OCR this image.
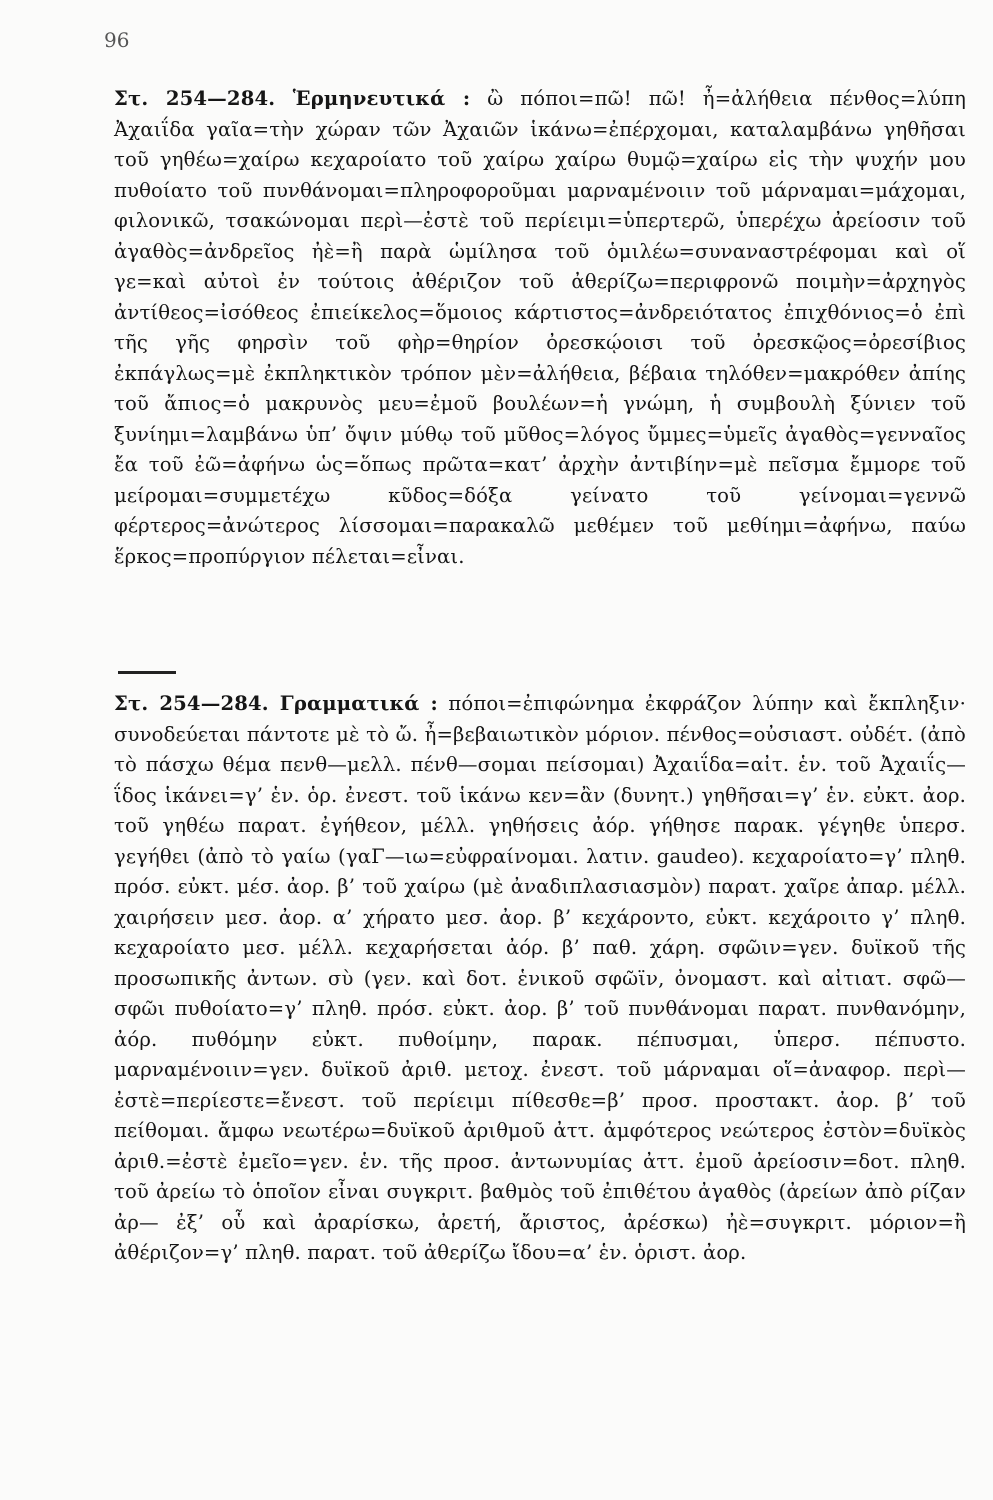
96

Στ. 254—284. Ἑρμηνευτικά : ὢ πόποι=πῶ! πῶ! ἦ=ἀλήθεια πένθος=λύπη Ἀχαιΐδα γαῖα=τὴν χώραν τῶν Ἀχαιῶν ἱκάνω=ἐπέρχομαι, καταλαμβάνω γηθῆσαι τοῦ γηθέω=χαίρω κεχαροίατο τοῦ χαίρω χαίρω θυμῷ=χαίρω εἰς τὴν ψυχήν μου πυθοίατο τοῦ πυνθάνομαι=πληροφοροῦμαι μαρναμένοιιν τοῦ μάρναμαι=μάχομαι, φιλονικῶ, τσακώνομαι περὶ—ἐστὲ τοῦ περίειμι=ὑπερτερῶ, ὑπερέχω ἀρείοσιν τοῦ ἀγαθὸς=ἀνδρεῖος ἠὲ=ἢ παρὰ ὡμίλησα τοῦ ὁμιλέω=συναναστρέφομαι καὶ οἵ γε=καὶ αὐτοὶ ἐν τούτοις ἀθέριζον τοῦ ἀθερίζω=περιφρονῶ ποιμὴν=ἀρχηγὸς ἀντίθεος=ἰσόθεος ἐπιείκελος=ὅμοιος κάρτιστος=ἀνδρειότατος ἐπιχθόνιος=ὁ ἐπὶ τῆς γῆς φηρσὶν τοῦ φὴρ=θηρίον ὀρεσκῴοισι τοῦ ὀρεσκῷος=ὀρεσίβιος ἐκπάγλως=μὲ ἐκπληκτικὸν τρόπον μὲν=ἀλήθεια, βέβαια τηλόθεν=μακρόθεν ἀπίης τοῦ ἄπιος=ὁ μακρυνὸς μευ=ἐμοῦ βουλέων=ἡ γνώμη, ἡ συμβουλὴ ξύνιεν τοῦ ξυνίημι=λαμβάνω ὑπ’ ὄψιν μύθῳ τοῦ μῦθος=λόγος ὔμμες=ὑμεῖς ἀγαθὸς=γενναῖος ἔα τοῦ ἐῶ=ἀφήνω ὡς=ὅπως πρῶτα=κατ’ ἀρχὴν ἀντιβίην=μὲ πεῖσμα ἔμμορε τοῦ μείρομαι=συμμετέχω κῦδος=δόξα γείνατο τοῦ γείνομαι=γεννῶ φέρτερος=ἀνώτερος λίσσομαι=παρακαλῶ μεθέμεν τοῦ μεθίημι=ἀφήνω, παύω ἕρκος=προπύργιον πέλεται=εἶναι.

Στ. 254—284. Γραμματικά : πόποι=ἐπιφώνημα ἐκφράζον λύπην καὶ ἔκπληξιν· συνοδεύεται πάντοτε μὲ τὸ ὤ. ἦ=βεβαιωτικὸν μόριον. πένθος=οὐσιαστ. οὐδέτ. (ἀπὸ τὸ πάσχω θέμα πενθ—μελλ. πένθ—σομαι πείσομαι) Ἀχαιΐδα=αἰτ. ἑν. τοῦ Ἀχαιΐς—ΐδος ἱκάνει=γ’ ἑν. ὁρ. ἐνεστ. τοῦ ἱκάνω κεν=ἂν (δυνητ.) γηθῆσαι=γ’ ἑν. εὐκτ. ἀορ. τοῦ γηθέω παρατ. ἐγήθεον, μέλλ. γηθήσεις ἀόρ. γήθησε παρακ. γέγηθε ὑπερσ. γεγήθει (ἀπὸ τὸ γαίω (γαΓ—ιω=εὐφραίνομαι. λατιν. gaudeo). κεχαροίατο=γ’ πληθ. πρόσ. εὐκτ. μέσ. ἀορ. β’ τοῦ χαίρω (μὲ ἀναδιπλασιασμὸν) παρατ. χαῖρε ἀπαρ. μέλλ. χαιρήσειν μεσ. ἀορ. α’ χήρατο μεσ. ἀορ. β’ κεχάροντο, εὐκτ. κεχάροιτο γ’ πληθ. κεχαροίατο μεσ. μέλλ. κεχαρήσεται ἀόρ. β’ παθ. χάρη. σφῶιν=γεν. δυϊκοῦ τῆς προσωπικῆς ἀντων. σὺ (γεν. καὶ δοτ. ἑνικοῦ σφῶϊν, ὀνομαστ. καὶ αἰτιατ. σφῶ—σφῶι πυθοίατο=γ’ πληθ. πρόσ. εὐκτ. ἀορ. β’ τοῦ πυνθάνομαι παρατ. πυνθανόμην, ἀόρ. πυθόμην εὐκτ. πυθοίμην, παρακ. πέπυσμαι, ὑπερσ. πέπυστο. μαρναμένοιιν=γεν. δυϊκοῦ ἀριθ. μετοχ. ἐνεστ. τοῦ μάρναμαι οἵ=ἀναφορ. περὶ—ἐστὲ=περίεστε=ἔνεστ. τοῦ περίειμι πίθεσθε=β’ προσ. προστακτ. ἀορ. β’ τοῦ πείθομαι. ἄμφω νεωτέρω=δυϊκοῦ ἀριθμοῦ ἀττ. ἀμφότερος νεώτερος ἐστὸν=δυϊκὸς ἀριθ.=ἐστὲ ἐμεῖο=γεν. ἑν. τῆς προσ. ἀντωνυμίας ἀττ. ἐμοῦ ἀρείοσιν=δοτ. πληθ. τοῦ ἀρείω τὸ ὁποῖον εἶναι συγκριτ. βαθμὸς τοῦ ἐπιθέτου ἀγαθὸς (ἀρείων ἀπὸ ρίζαν ἀρ— ἐξ’ οὗ καὶ ἀραρίσκω, ἀρετή, ἄριστος, ἀρέσκω) ἠὲ=συγκριτ. μόριον=ἢ ἀθέριζον=γ’ πληθ. παρατ. τοῦ ἀθερίζω ἴδου=α’ ἑν. ὁριστ. ἀορ.
